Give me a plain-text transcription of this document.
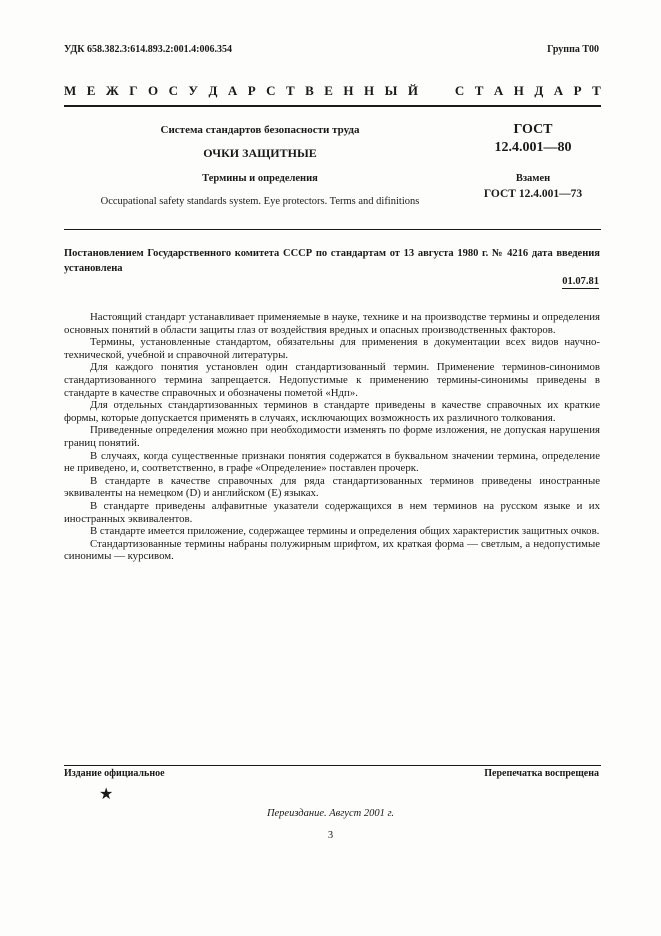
УДК 658.382.3:614.893.2:001.4:006.354	Группа Т00
М Е Ж Г О С У Д А Р С Т В Е Н Н Ы Й	С Т А Н Д А Р Т
Система стандартов безопасности труда
ОЧКИ ЗАЩИТНЫЕ
Термины и определения
Occupational safety standards system. Eye protectors. Terms and difinitions
ГОСТ
12.4.001—80
Взамен
ГОСТ 12.4.001—73
Постановлением Государственного комитета СССР по стандартам от 13 августа 1980 г. № 4216 дата введения установлена
01.07.81

Настоящий стандарт устанавливает применяемые в науке, технике и на производстве термины и определения основных понятий в области защиты глаз от воздействия вредных и опасных производственных факторов.

Термины, установленные стандартом, обязательны для применения в документации всех видов научно-технической, учебной и справочной литературы.

Для каждого понятия установлен один стандартизованный термин. Применение терминов-синонимов стандартизованного термина запрещается. Недопустимые к применению термины-синонимы приведены в стандарте в качестве справочных и обозначены пометой «Ндп».

Для отдельных стандартизованных терминов в стандарте приведены в качестве справочных их краткие формы, которые допускается применять в случаях, исключающих возможность их различного толкования.

Приведенные определения можно при необходимости изменять по форме изложения, не допуская нарушения границ понятий.

В случаях, когда существенные признаки понятия содержатся в буквальном значении термина, определение не приведено, и, соответственно, в графе «Определение» поставлен прочерк.

В стандарте в качестве справочных для ряда стандартизованных терминов приведены иностранные эквиваленты на немецком (D) и английском (E) языках.

В стандарте приведены алфавитные указатели содержащихся в нем терминов на русском языке и их иностранных эквивалентов.

В стандарте имеется приложение, содержащее термины и определения общих характеристик защитных очков.

Стандартизованные термины набраны полужирным шрифтом, их краткая форма — светлым, а недопустимые синонимы — курсивом.

Издание официальное	Перепечатка воспрещена
★
Переиздание. Август 2001 г.
3
